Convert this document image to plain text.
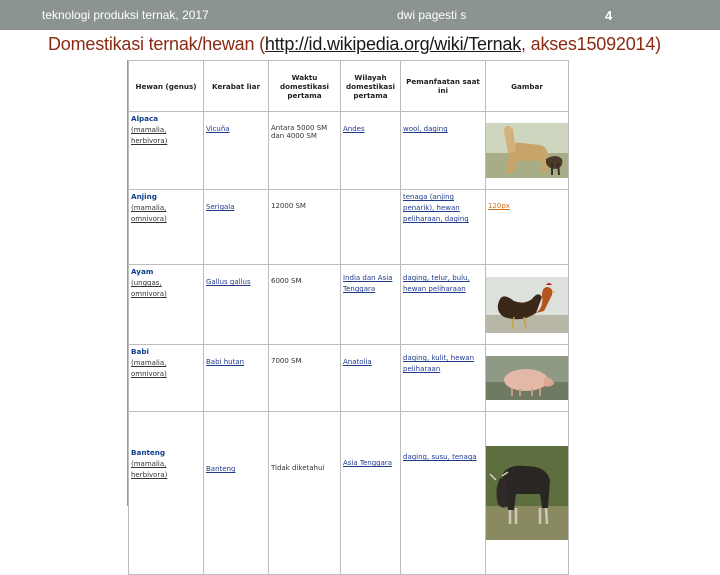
teknologi produksi ternak, 2017	dwi pagesti s	4
Domestikasi ternak/hewan (http://id.wikipedia.org/wiki/Ternak, akses15092014)
Hewan (genus)	Kerabat liar	Waktu domestikasi pertama	Wilayah domestikasi pertama	Pemanfaatan saat ini	Gambar

Alpaca
(mamalia,
herbivora)	Vicuña	Antara 5000 SM dan 4000 SM	Andes	wool, daging	

Anjing
(mamalia,
omnivora)	Serigala	12000 SM		tenaga (anjing penarik), hewan peliharaan, daging	120px

Ayam
(unggas,
omnivora)	Gallus gallus	6000 SM	India dan Asia Tenggara	daging, telur, bulu, hewan peliharaan	

Babi
(mamalia,
omnivora)	Babi hutan	7000 SM	Anatolia	daging, kulit, hewan peliharaan	

Banteng
(mamalia,
herbivora)	Banteng	Tidak diketahui	Asia Tenggara	daging, susu, tenaga	
